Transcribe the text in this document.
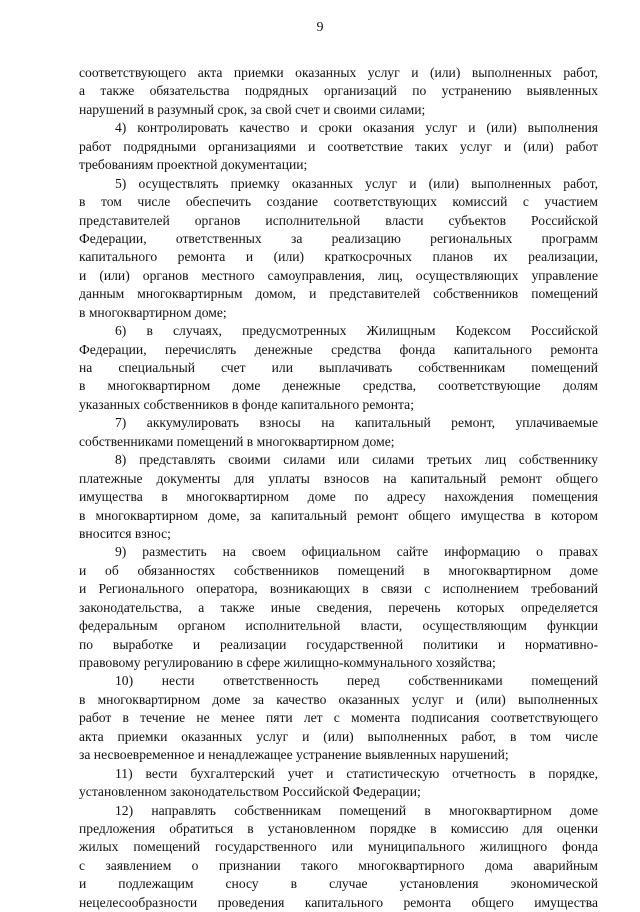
9
соответствующего акта приемки оказанных услуг и (или) выполненных работ,
а также обязательства подрядных организаций по устранению выявленных
нарушений в разумный срок, за свой счет и своими силами;
4) контролировать качество и сроки оказания услуг и (или) выполнения
работ подрядными организациями и соответствие таких услуг и (или) работ
требованиям проектной документации;
5) осуществлять приемку оказанных услуг и (или) выполненных работ,
в том числе обеспечить создание соответствующих комиссий с участием
представителей органов исполнительной власти субъектов Российской
Федерации, ответственных за реализацию региональных программ
капитального ремонта и (или) краткосрочных планов их реализации,
и (или) органов местного самоуправления, лиц, осуществляющих управление
данным многоквартирным домом, и представителей собственников помещений
в многоквартирном доме;
6) в случаях, предусмотренных Жилищным Кодексом Российской
Федерации, перечислять денежные средства фонда капитального ремонта
на специальный счет или выплачивать собственникам помещений
в многоквартирном доме денежные средства, соответствующие долям
указанных собственников в фонде капитального ремонта;
7) аккумулировать взносы на капитальный ремонт, уплачиваемые
собственниками помещений в многоквартирном доме;
8) представлять своими силами или силами третьих лиц собственнику
платежные документы для уплаты взносов на капитальный ремонт общего
имущества в многоквартирном доме по адресу нахождения помещения
в многоквартирном доме, за капитальный ремонт общего имущества в котором
вносится взнос;
9) разместить на своем официальном сайте информацию о правах
и об обязанностях собственников помещений в многоквартирном доме
и Регионального оператора, возникающих в связи с исполнением требований
законодательства, а также иные сведения, перечень которых определяется
федеральным органом исполнительной власти, осуществляющим функции
по выработке и реализации государственной политики и нормативно-
правовому регулированию в сфере жилищно-коммунального хозяйства;
10) нести ответственность перед собственниками помещений
в многоквартирном доме за качество оказанных услуг и (или) выполненных
работ в течение не менее пяти лет с момента подписания соответствующего
акта приемки оказанных услуг и (или) выполненных работ, в том числе
за несвоевременное и ненадлежащее устранение выявленных нарушений;
11) вести бухгалтерский учет и статистическую отчетность в порядке,
установленном законодательством Российской Федерации;
12) направлять собственникам помещений в многоквартирном доме
предложения обратиться в установленном порядке в комиссию для оценки
жилых помещений государственного или муниципального жилищного фонда
с заявлением о признании такого многоквартирного дома аварийным
и подлежащим сносу в случае установления экономической
нецелесообразности проведения капитального ремонта общего имущества
